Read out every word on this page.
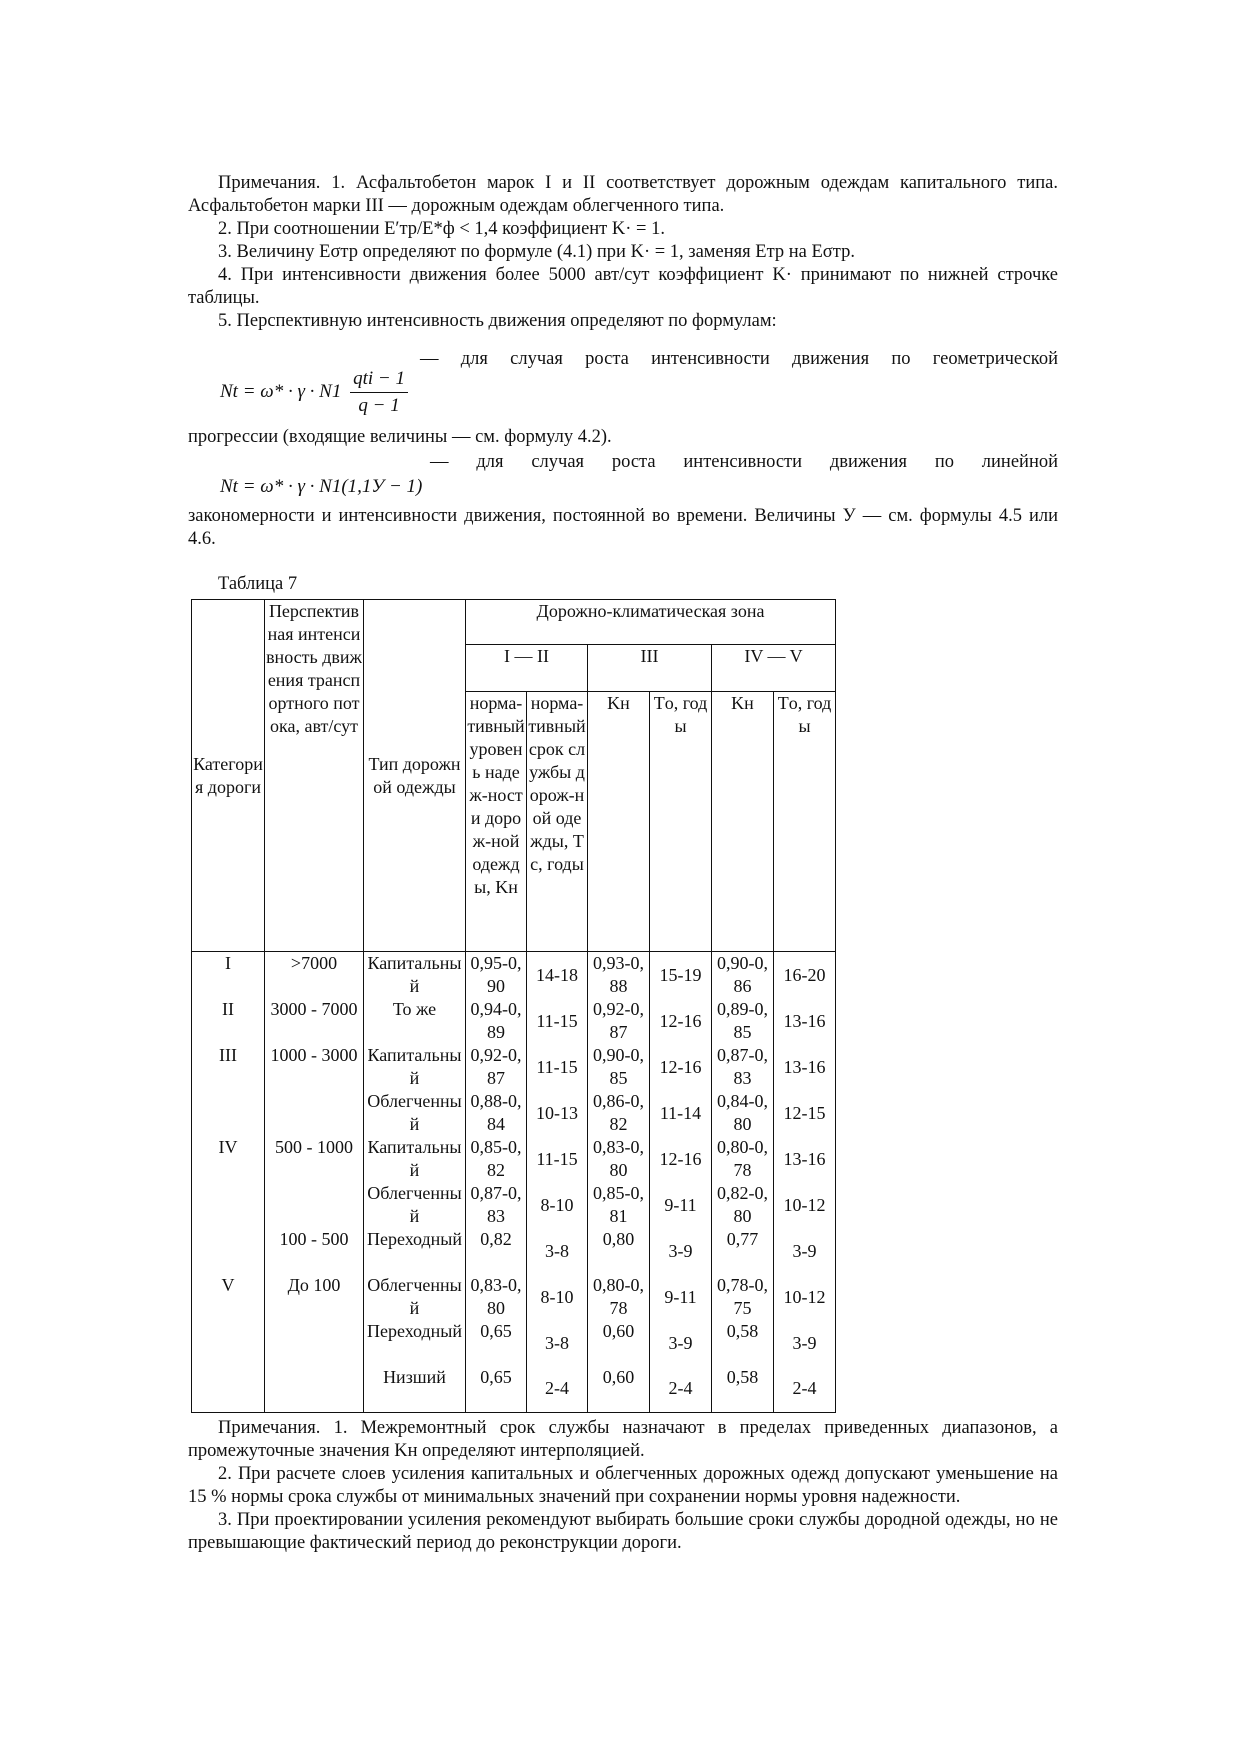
Примечания. 1. Асфальтобетон марок I и II соответствует дорожным одеждам капитального типа. Асфальтобетон марки III — дорожным одеждам облегченного типа.

2. При соотношении E′тр/E*ф < 1,4 коэффициент K· = 1.

3. Величину Eσтр определяют по формуле (4.1) при K· = 1, заменяя Eтр на Eσтр.

4. При интенсивности движения более 5000 авт/сут коэффициент K· принимают по нижней строчке таблицы.

5. Перспективную интенсивность движения определяют по формулам:

— для случая роста интенсивности движения по геометрической
$Nt = \omega* \cdot \gamma \cdot N1 \frac{\text{qti − 1}}{q - 1}$
прогрессии (входящие величины — см. формулу 4.2).
— для случая роста интенсивности движения по линейной
Nt = ω* · γ · N1(1,1У − 1)

закономерности и интенсивности движения, постоянной во времени. Величины У — см. формулы 4.5 или 4.6.

Таблица 7
Категория дороги	Перспективная интенсивность движения транспортного потока, авт/сут	Тип дорожной одежды	Дорожно-климатическая зона					
			I — II		III		IV — V	
			норма-тивный уровень надеж-ности дорож-ной одежды, Kн	норма-тивный срок службы дорож-ной одежды, Tс, годы	Kн	Tо, годы	Kн	Tо, годы
I	>7000	Капитальный	0,95-0,90	14-18	0,93-0,88	15-19	0,90-0,86	16-20
II	3000 - 7000	То же	0,94-0,89	11-15	0,92-0,87	12-16	0,89-0,85	13-16
III	1000 - 3000	Капитальный	0,92-0,87	11-15	0,90-0,85	12-16	0,87-0,83	13-16
		Облегченный	0,88-0,84	10-13	0,86-0,82	11-14	0,84-0,80	12-15
IV	500 - 1000	Капитальный	0,85-0,82	11-15	0,83-0,80	12-16	0,80-0,78	13-16
		Облегченный	0,87-0,83	8-10	0,85-0,81	9-11	0,82-0,80	10-12
	100 - 500	Переходный	0,82	3-8	0,80	3-9	0,77	3-9
V	До 100	Облегченный	0,83-0,80	8-10	0,80-0,78	9-11	0,78-0,75	10-12
		Переходный	0,65	3-8	0,60	3-9	0,58	3-9
		Низший	0,65	2-4	0,60	2-4	0,58	2-4

Примечания. 1. Межремонтный срок службы назначают в пределах приведенных диапазонов, а промежуточные значения Kн определяют интерполяцией.

2. При расчете слоев усиления капитальных и облегченных дорожных одежд допускают уменьшение на 15 % нормы срока службы от минимальных значений при сохранении нормы уровня надежности.

3. При проектировании усиления рекомендуют выбирать большие сроки службы дородной одежды, но не превышающие фактический период до реконструкции дороги.
